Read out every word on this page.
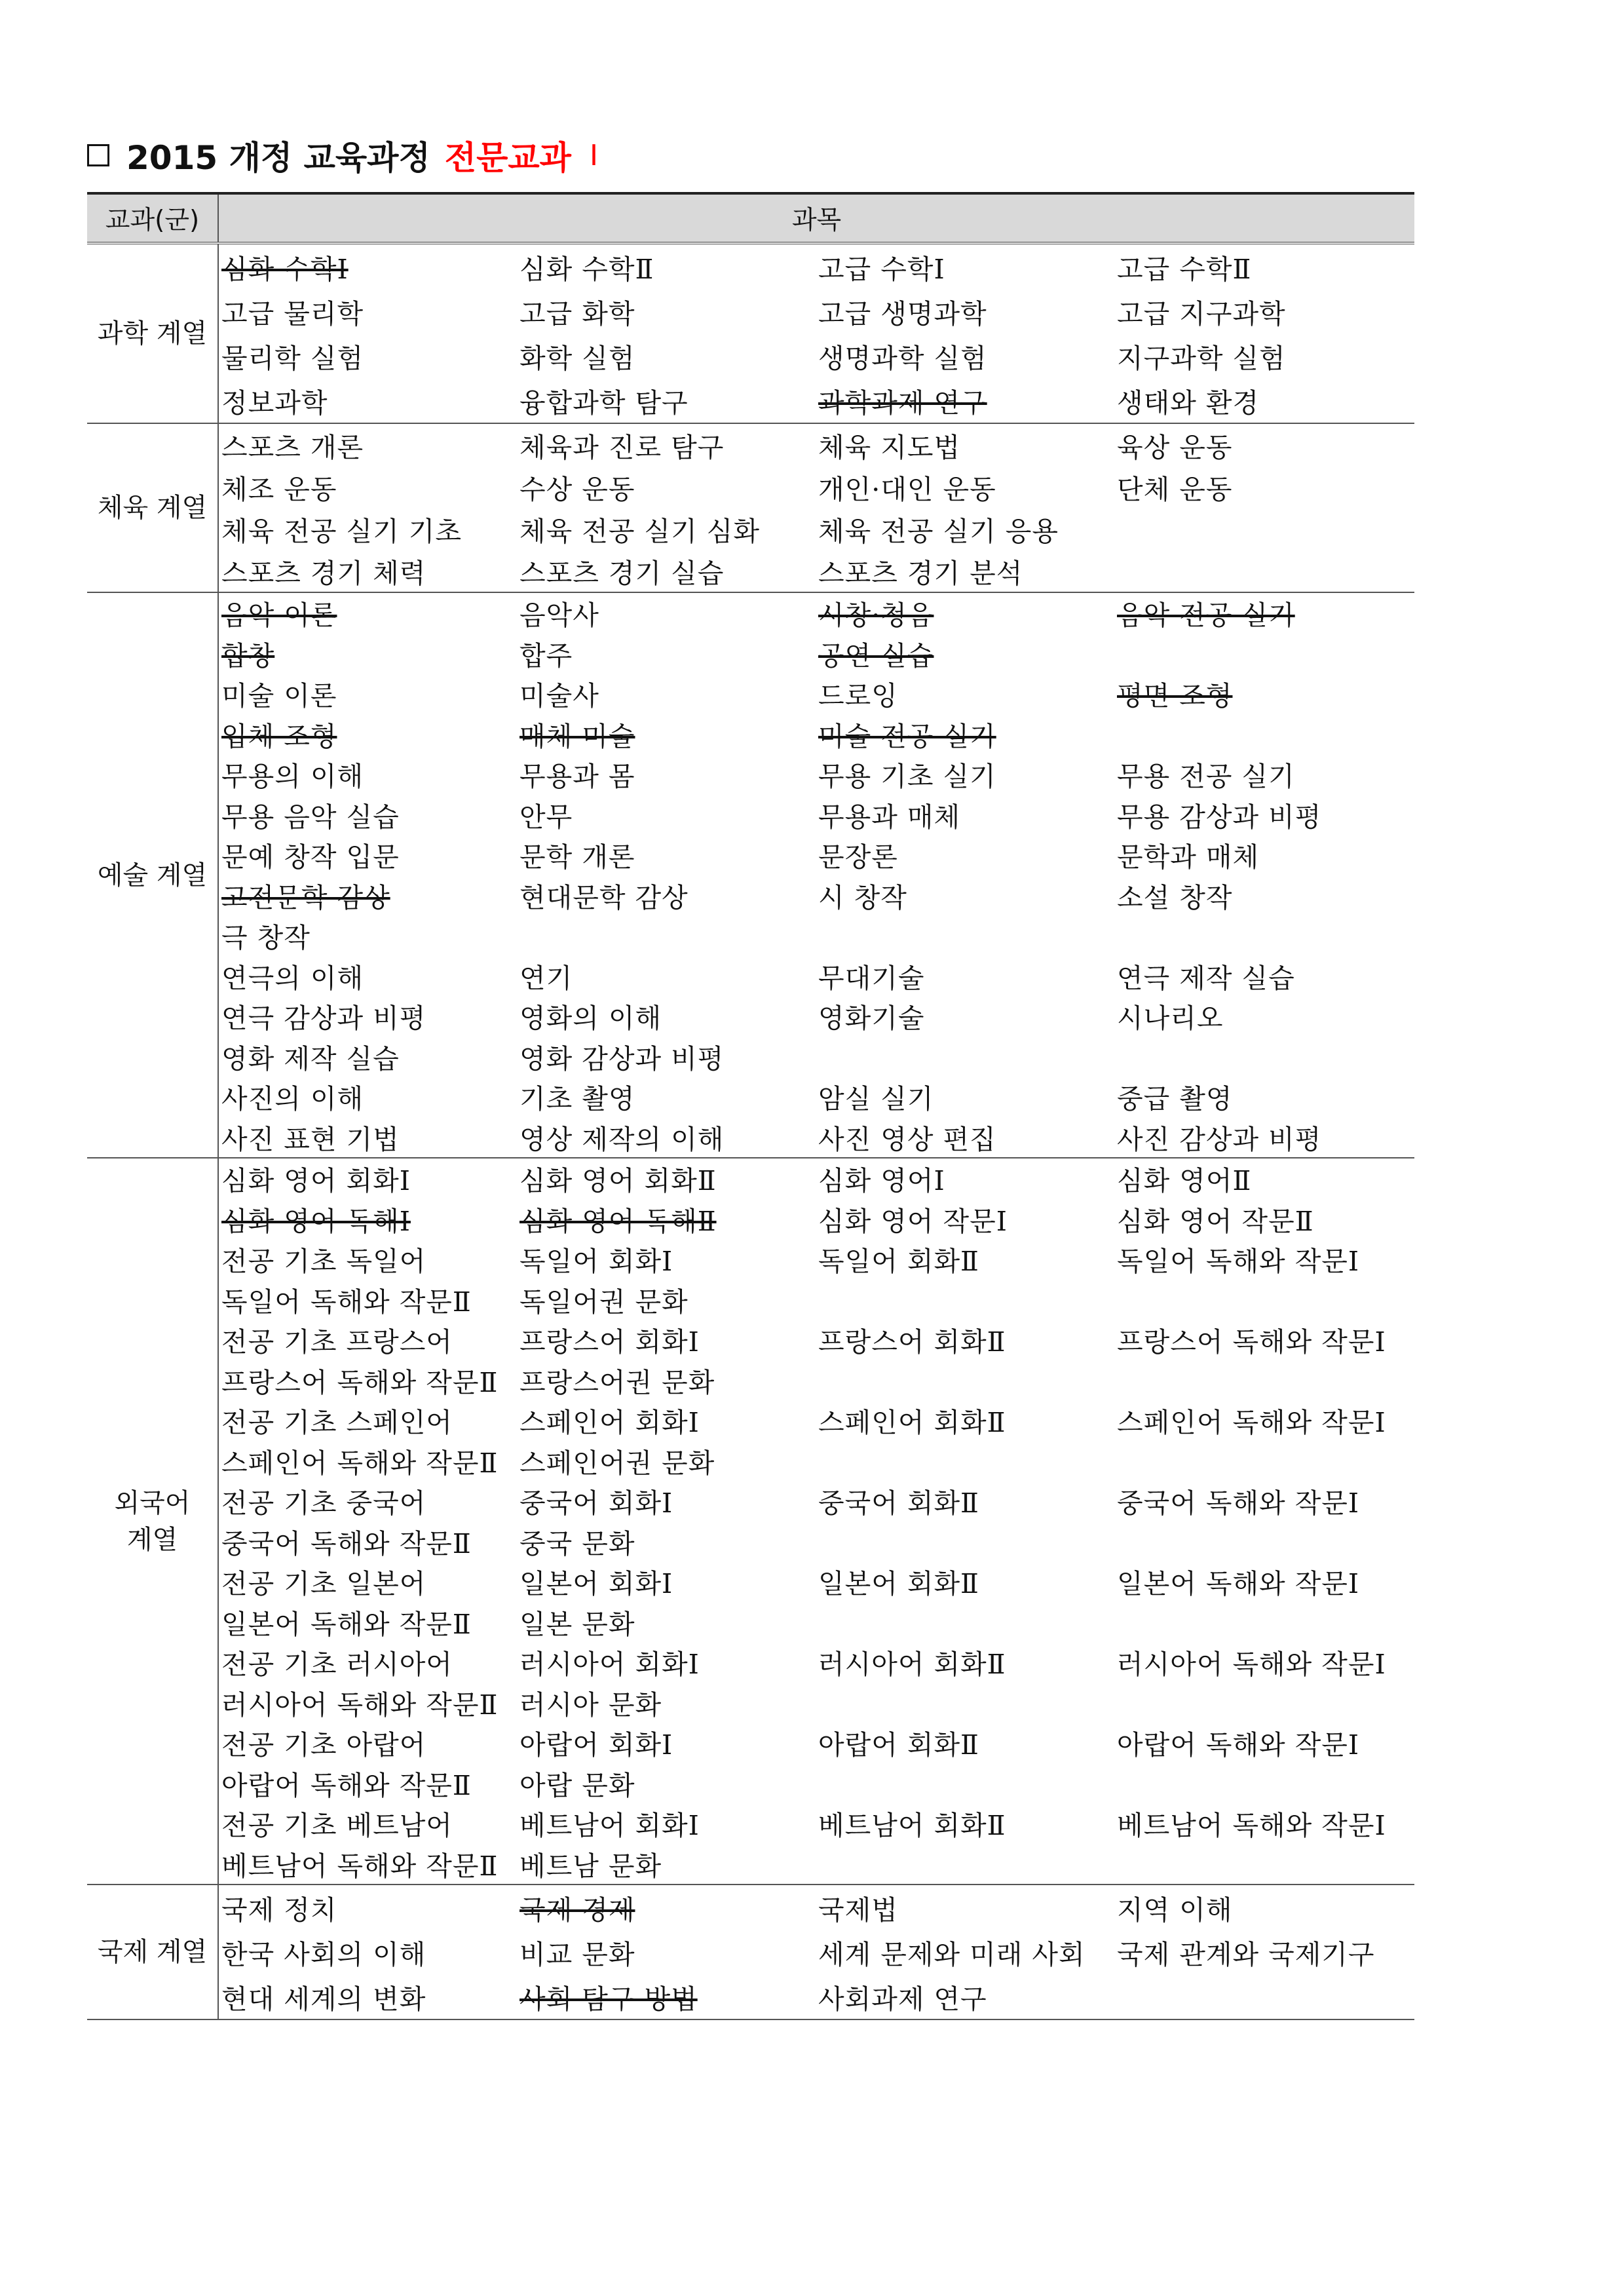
2015 개정 교육과정 전문교과 Ⅰ
교과(군)	과목			
과학 계열	심화 수학Ⅰ	심화 수학Ⅱ	고급 수학Ⅰ	고급 수학Ⅱ
	고급 물리학	고급 화학	고급 생명과학	고급 지구과학
	물리학 실험	화학 실험	생명과학 실험	지구과학 실험
	정보과학	융합과학 탐구	과학과제 연구	생태와 환경
체육 계열	스포츠 개론	체육과 진로 탐구	체육 지도법	육상 운동
	체조 운동	수상 운동	개인·대인 운동	단체 운동
	체육 전공 실기 기초	체육 전공 실기 심화	체육 전공 실기 응용	
	스포츠 경기 체력	스포츠 경기 실습	스포츠 경기 분석	
예술 계열	음악 이론	음악사	시창·청음	음악 전공 실기
	합창	합주	공연 실습	
	미술 이론	미술사	드로잉	평면 조형
	입체 조형	매체 미술	미술 전공 실기	
	무용의 이해	무용과 몸	무용 기초 실기	무용 전공 실기
	무용 음악 실습	안무	무용과 매체	무용 감상과 비평
	문예 창작 입문	문학 개론	문장론	문학과 매체
	고전문학 감상	현대문학 감상	시 창작	소설 창작
	극 창작			
	연극의 이해	연기	무대기술	연극 제작 실습
	연극 감상과 비평	영화의 이해	영화기술	시나리오
	영화 제작 실습	영화 감상과 비평		
	사진의 이해	기초 촬영	암실 실기	중급 촬영
	사진 표현 기법	영상 제작의 이해	사진 영상 편집	사진 감상과 비평
외국어
계열	심화 영어 회화Ⅰ	심화 영어 회화Ⅱ	심화 영어Ⅰ	심화 영어Ⅱ
	심화 영어 독해Ⅰ	심화 영어 독해Ⅱ	심화 영어 작문Ⅰ	심화 영어 작문Ⅱ
	전공 기초 독일어	독일어 회화Ⅰ	독일어 회화Ⅱ	독일어 독해와 작문Ⅰ
	독일어 독해와 작문Ⅱ	독일어권 문화		
	전공 기초 프랑스어	프랑스어 회화Ⅰ	프랑스어 회화Ⅱ	프랑스어 독해와 작문Ⅰ
	프랑스어 독해와 작문Ⅱ	프랑스어권 문화		
	전공 기초 스페인어	스페인어 회화Ⅰ	스페인어 회화Ⅱ	스페인어 독해와 작문Ⅰ
	스페인어 독해와 작문Ⅱ	스페인어권 문화		
	전공 기초 중국어	중국어 회화Ⅰ	중국어 회화Ⅱ	중국어 독해와 작문Ⅰ
	중국어 독해와 작문Ⅱ	중국 문화		
	전공 기초 일본어	일본어 회화Ⅰ	일본어 회화Ⅱ	일본어 독해와 작문Ⅰ
	일본어 독해와 작문Ⅱ	일본 문화		
	전공 기초 러시아어	러시아어 회화Ⅰ	러시아어 회화Ⅱ	러시아어 독해와 작문Ⅰ
	러시아어 독해와 작문Ⅱ	러시아 문화		
	전공 기초 아랍어	아랍어 회화Ⅰ	아랍어 회화Ⅱ	아랍어 독해와 작문Ⅰ
	아랍어 독해와 작문Ⅱ	아랍 문화		
	전공 기초 베트남어	베트남어 회화Ⅰ	베트남어 회화Ⅱ	베트남어 독해와 작문Ⅰ
	베트남어 독해와 작문Ⅱ	베트남 문화		
국제 계열	국제 정치	국제 경제	국제법	지역 이해
	한국 사회의 이해	비교 문화	세계 문제와 미래 사회	국제 관계와 국제기구
	현대 세계의 변화	사회 탐구 방법	사회과제 연구	
